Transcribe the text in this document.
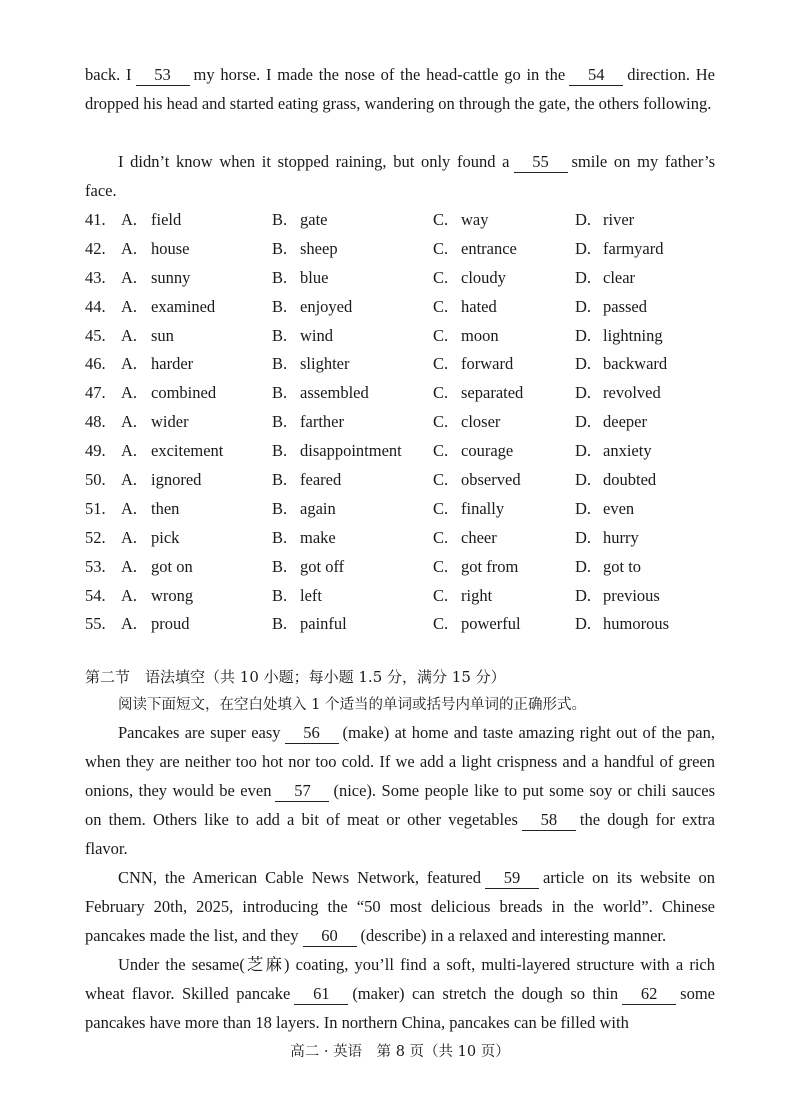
back. I 53 my horse. I made the nose of the head-cattle go in the 54 direction. He dropped his head and started eating grass, wandering on through the gate, the others following.
I didn’t know when it stopped raining, but only found a 55 smile on my father’s face.
41. A. field	B. gate	C. way	D. river
42. A. house	B. sheep	C. entrance	D. farmyard
43. A. sunny	B. blue	C. cloudy	D. clear
44. A. examined	B. enjoyed	C. hated	D. passed
45. A. sun	B. wind	C. moon	D. lightning
46. A. harder	B. slighter	C. forward	D. backward
47. A. combined	B. assembled	C. separated	D. revolved
48. A. wider	B. farther	C. closer	D. deeper
49. A. excitement	B. disappointment C. courage	D. anxiety
50. A. ignored	B. feared	C. observed	D. doubted
51. A. then	B. again	C. finally	D. even
52. A. pick	B. make	C. cheer	D. hurry
53. A. got on	B. got off	C. got from	D. got to
54. A. wrong	B. left	C. right	D. previous
55. A. proud	B. painful	C. powerful	D. humorous
第二节　语法填空（共 10 小题；每小题 1.5 分，满分 15 分）
阅读下面短文，在空白处填入 1 个适当的单词或括号内单词的正确形式。
Pancakes are super easy 56 (make) at home and taste amazing right out of the pan, when they are neither too hot nor too cold. If we add a light crispness and a handful of green onions, they would be even 57 (nice). Some people like to put some soy or chili sauces on them. Others like to add a bit of meat or other vegetables 58 the dough for extra flavor.
CNN, the American Cable News Network, featured 59 article on its website on February 20th, 2025, introducing the “50 most delicious breads in the world”. Chinese pancakes made the list, and they 60 (describe) in a relaxed and interesting manner.
Under the sesame(芝麻) coating, you’ll find a soft, multi-layered structure with a rich wheat flavor. Skilled pancake 61 (maker) can stretch the dough so thin 62 some pancakes have more than 18 layers. In northern China, pancakes can be filled with
高二 · 英语　第 8 页（共 10 页）
